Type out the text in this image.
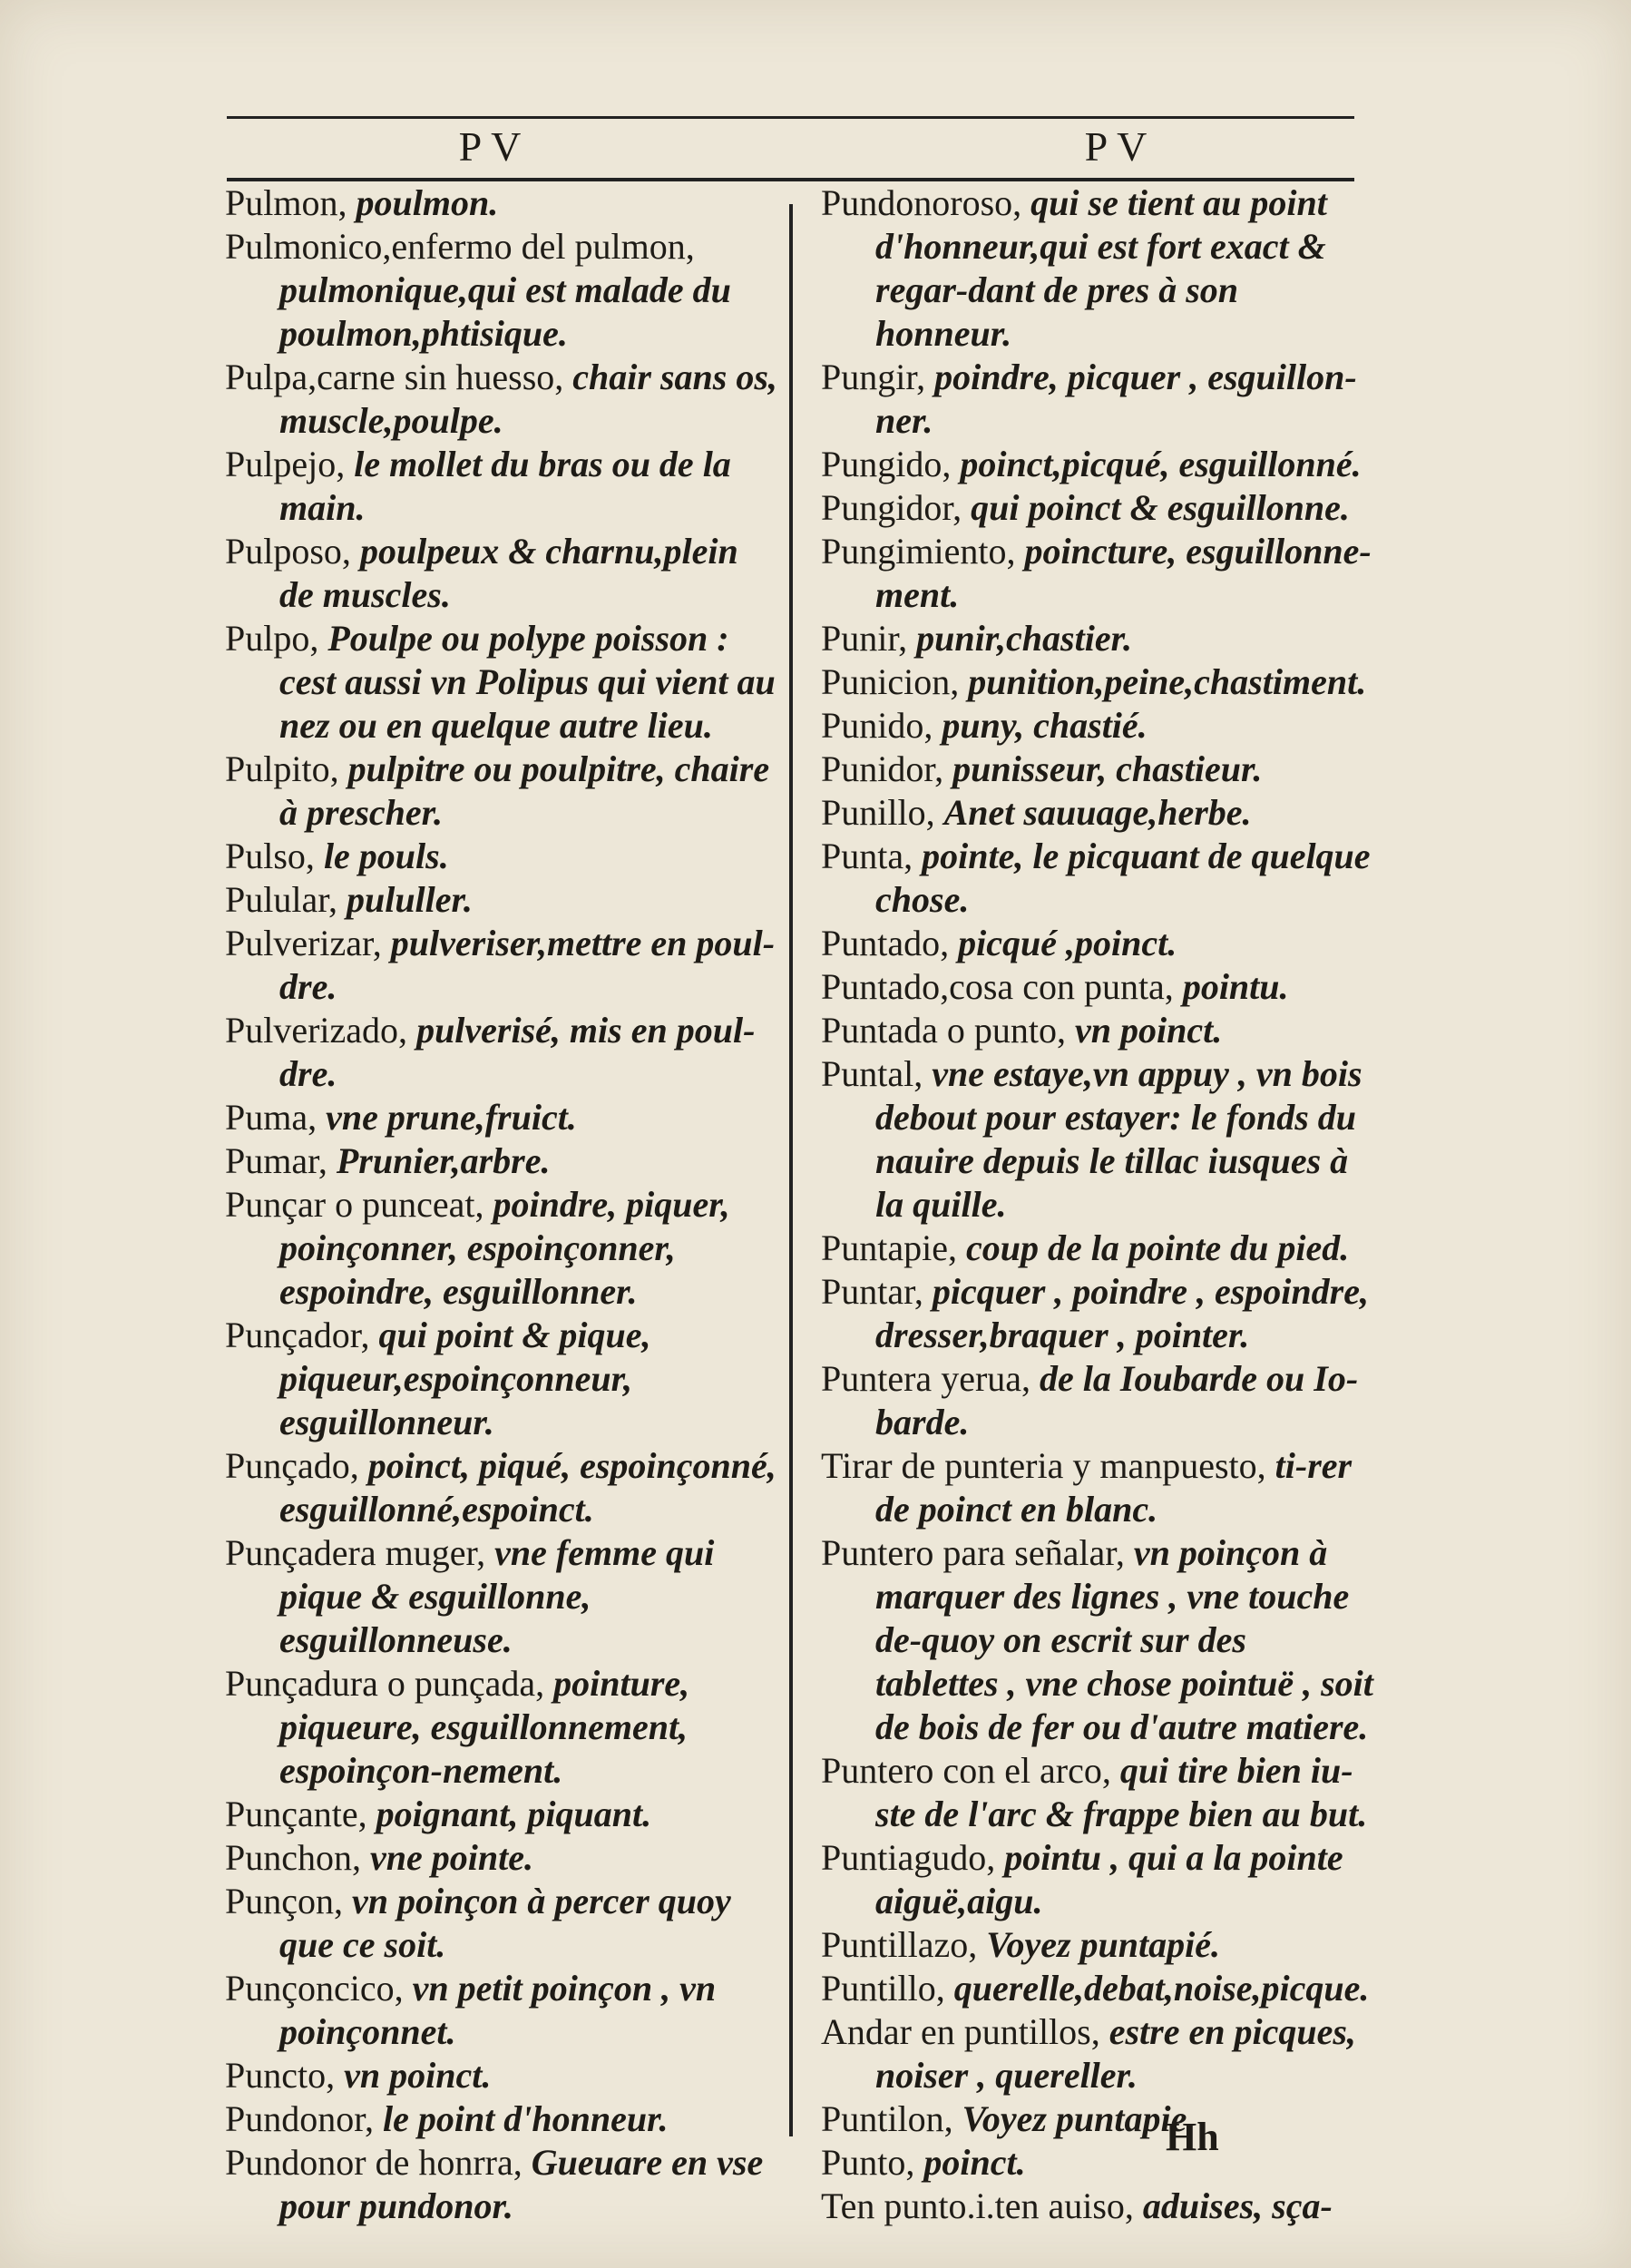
PV	PV

Pulmon, poulmon.

Pulmonico,enfermo del pulmon, pulmonique,qui est malade du poulmon,phtisique.

Pulpa,carne sin huesso, chair sans os, muscle,poulpe.

Pulpejo, le mollet du bras ou de la main.

Pulposo, poulpeux & charnu,plein de muscles.

Pulpo, Poulpe ou polype poisson : cest aussi vn Polipus qui vient au nez ou en quelque autre lieu.

Pulpito, pulpitre ou poulpitre, chaire à prescher.

Pulso, le pouls.

Pulular, pululler.

Pulverizar, pulveriser,mettre en poul-dre.

Pulverizado, pulverisé, mis en poul-dre.

Puma, vne prune,fruict.

Pumar, Prunier,arbre.

Punçar o punceat, poindre, piquer, poinçonner, espoinçonner, espoindre, esguillonner.

Punçador, qui point & pique, piqueur,espoinçonneur, esguillonneur.

Punçado, poinct, piqué, espoinçonné, esguillonné,espoinct.

Punçadera muger, vne femme qui pique & esguillonne, esguillonneuse.

Punçadura o punçada, pointure, piqueure, esguillonnement, espoinçon-nement.

Punçante, poignant, piquant.

Punchon, vne pointe.

Punçon, vn poinçon à percer quoy que ce soit.

Punçoncico, vn petit poinçon , vn poinçonnet.

Puncto, vn poinct.

Pundonor, le point d'honneur.

Pundonor de honrra, Gueuare en vse pour pundonor.

Pundonoroso, qui se tient au point d'honneur,qui est fort exact & regar-dant de pres à son honneur.

Pungir, poindre, picquer , esguillon-ner.

Pungido, poinct,picqué, esguillonné.

Pungidor, qui poinct & esguillonne.

Pungimiento, poincture, esguillonne-ment.

Punir, punir,chastier.

Punicion, punition,peine,chastiment.

Punido, puny, chastié.

Punidor, punisseur, chastieur.

Punillo, Anet sauuage,herbe.

Punta, pointe, le picquant de quelque chose.

Puntado, picqué ,poinct.

Puntado,cosa con punta, pointu.

Puntada o punto, vn poinct.

Puntal, vne estaye,vn appuy , vn bois debout pour estayer: le fonds du nauire depuis le tillac iusques à la quille.

Puntapie, coup de la pointe du pied.

Puntar, picquer , poindre , espoindre, dresser,braquer , pointer.

Puntera yerua, de la Ioubarde ou Io-barde.

Tirar de punteria y manpuesto, ti-rer de poinct en blanc.

Puntero para señalar, vn poinçon à marquer des lignes , vne touche de-quoy on escrit sur des tablettes , vne chose pointuë , soit de bois de fer ou d'autre matiere.

Puntero con el arco, qui tire bien iu-ste de l'arc & frappe bien au but.

Puntiagudo, pointu , qui a la pointe aiguë,aigu.

Puntillazo, Voyez puntapié.

Puntillo, querelle,debat,noise,picque.

Andar en puntillos, estre en picques, noiser , quereller.

Puntilon, Voyez puntapie

Punto, poinct.

Ten punto.i.ten auiso, aduises, sça-

Hh
